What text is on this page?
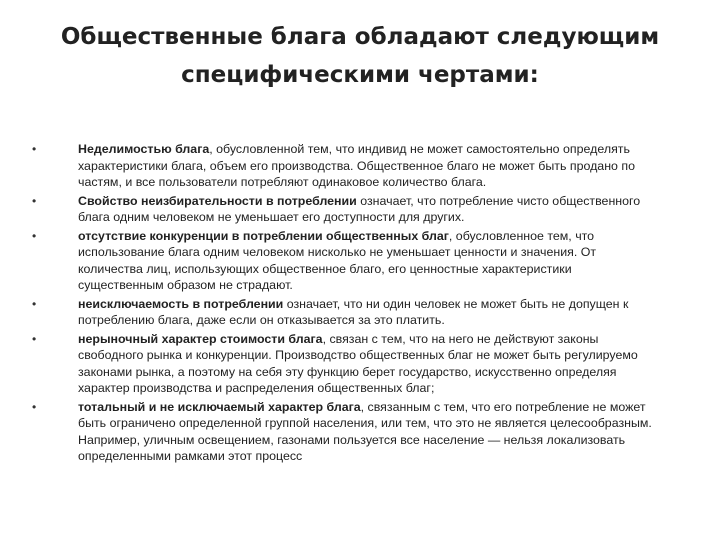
Общественные блага обладают следующим
специфическими чертами:
•	Неделимостью блага, обусловленной тем, что индивид не может самостоятельно определять характеристики блага, объем его производства. Общественное благо не может быть продано по частям, и все пользователи потребляют одинаковое количество блага.
•	Свойство неизбирательности в потреблении означает, что потребление чисто общественного блага одним человеком не уменьшает его доступности для других.
•	отсутствие конкуренции в потреблении общественных благ, обусловленное тем, что использование блага одним человеком нисколько не уменьшает ценности и значения. От количества лиц, использующих общественное благо, его ценностные характеристики существенным образом не страдают.
•	неисключаемость в потреблении означает, что ни один человек не может быть не допущен к потреблению блага, даже если он отказывается за это платить.
•	нерыночный характер стоимости блага, связан с тем, что на него не действуют законы свободного рынка и конкуренции. Производство общественных благ не может быть регулируемо законами рынка, а поэтому на себя эту функцию берет государство, искусственно определяя характер производства и распределения общественных благ;
•	тотальный и не исключаемый характер блага, связанным с тем, что его потребление не может быть ограничено определенной группой населения, или тем, что это не является целесообразным. Например, уличным освещением, газонами пользуется все население — нельзя локализовать определенными рамками этот процесс
